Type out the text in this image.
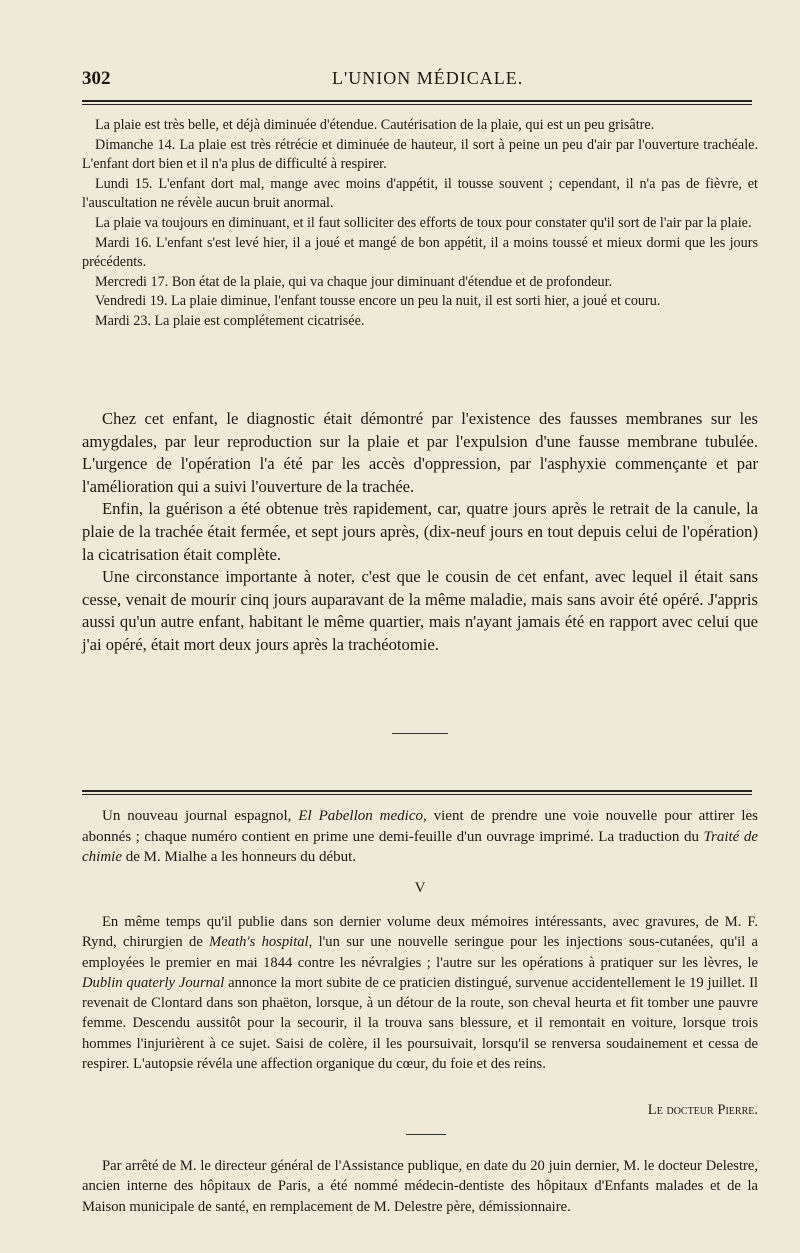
302	L'UNION MÉDICALE.

La plaie est très belle, et déjà diminuée d'étendue. Cautérisation de la plaie, qui est un peu grisâtre.

Dimanche 14. La plaie est très rétrécie et diminuée de hauteur, il sort à peine un peu d'air par l'ouverture trachéale. L'enfant dort bien et il n'a plus de difficulté à respirer.

Lundi 15. L'enfant dort mal, mange avec moins d'appétit, il tousse souvent ; cependant, il n'a pas de fièvre, et l'auscultation ne révèle aucun bruit anormal.

La plaie va toujours en diminuant, et il faut solliciter des efforts de toux pour constater qu'il sort de l'air par la plaie.

Mardi 16. L'enfant s'est levé hier, il a joué et mangé de bon appétit, il a moins toussé et mieux dormi que les jours précédents.

Mercredi 17. Bon état de la plaie, qui va chaque jour diminuant d'étendue et de profondeur.

Vendredi 19. La plaie diminue, l'enfant tousse encore un peu la nuit, il est sorti hier, a joué et couru.

Mardi 23. La plaie est complétement cicatrisée.

Chez cet enfant, le diagnostic était démontré par l'existence des fausses membranes sur les amygdales, par leur reproduction sur la plaie et par l'expulsion d'une fausse membrane tubulée. L'urgence de l'opération l'a été par les accès d'oppression, par l'asphyxie commençante et par l'amélioration qui a suivi l'ouverture de la trachée.

Enfin, la guérison a été obtenue très rapidement, car, quatre jours après le retrait de la canule, la plaie de la trachée était fermée, et sept jours après, (dix-neuf jours en tout depuis celui de l'opération) la cicatrisation était complète.

Une circonstance importante à noter, c'est que le cousin de cet enfant, avec lequel il était sans cesse, venait de mourir cinq jours auparavant de la même maladie, mais sans avoir été opéré. J'appris aussi qu'un autre enfant, habitant le même quartier, mais n'ayant jamais été en rapport avec celui que j'ai opéré, était mort deux jours après la trachéotomie.

Un nouveau journal espagnol, El Pabellon medico, vient de prendre une voie nouvelle pour attirer les abonnés ; chaque numéro contient en prime une demi-feuille d'un ouvrage imprimé. La traduction du Traité de chimie de M. Mialhe a les honneurs du début.

V

En même temps qu'il publie dans son dernier volume deux mémoires intéressants, avec gravures, de M. F. Rynd, chirurgien de Meath's hospital, l'un sur une nouvelle seringue pour les injections sous-cutanées, qu'il a employées le premier en mai 1844 contre les névralgies ; l'autre sur les opérations à pratiquer sur les lèvres, le Dublin quaterly Journal annonce la mort subite de ce praticien distingué, survenue accidentellement le 19 juillet. Il revenait de Clontard dans son phaëton, lorsque, à un détour de la route, son cheval heurta et fit tomber une pauvre femme. Descendu aussitôt pour la secourir, il la trouva sans blessure, et il remontait en voiture, lorsque trois hommes l'injurièrent à ce sujet. Saisi de colère, il les poursuivait, lorsqu'il se renversa soudainement et cessa de respirer. L'autopsie révéla une affection organique du cœur, du foie et des reins.

Le docteur Pierre.

Par arrêté de M. le directeur général de l'Assistance publique, en date du 20 juin dernier, M. le docteur Delestre, ancien interne des hôpitaux de Paris, a été nommé médecin-dentiste des hôpitaux d'Enfants malades et de la Maison municipale de santé, en remplacement de M. Delestre père, démissionnaire.
